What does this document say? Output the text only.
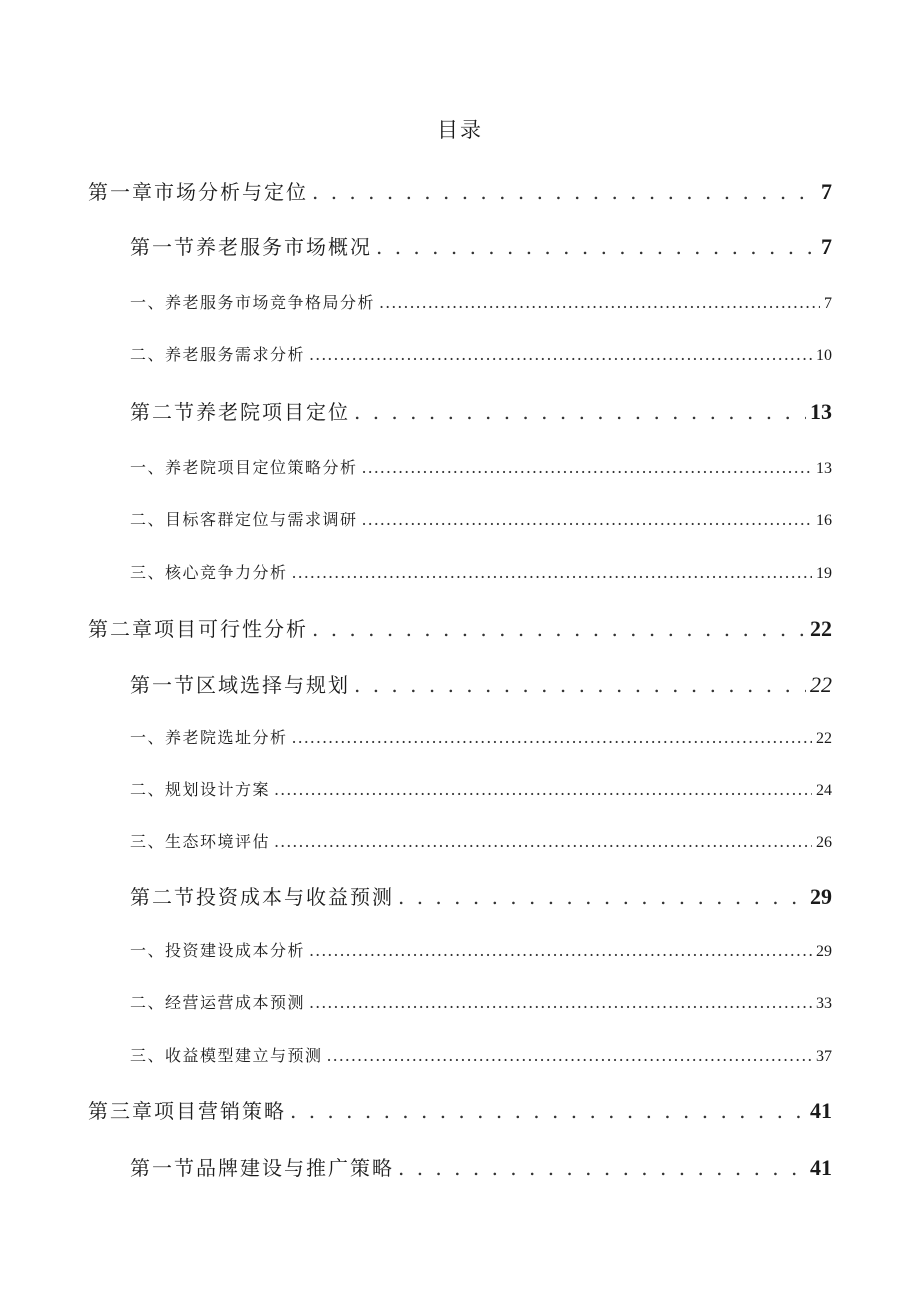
目录
第一章市场分析与定位 . . .	7
第一节养老服务市场概况 . . .	7
一、养老服务市场竞争格局分析 .....	7
二、养老服务需求分析 .....	10
第二节养老院项目定位 . . .	13
一、养老院项目定位策略分析 .....	13
二、目标客群定位与需求调研 .....	16
三、核心竞争力分析 .....	19
第二章项目可行性分析 . . .	22
第一节区域选择与规划 . . .	22
一、养老院选址分析 .....	22
二、规划设计方案 .....	24
三、生态环境评估 .....	26
第二节投资成本与收益预测 . . .	29
一、投资建设成本分析 .....	29
二、经营运营成本预测 .....	33
三、收益模型建立与预测 .....	37
第三章项目营销策略 . . .	41
第一节品牌建设与推广策略 . . .	41
